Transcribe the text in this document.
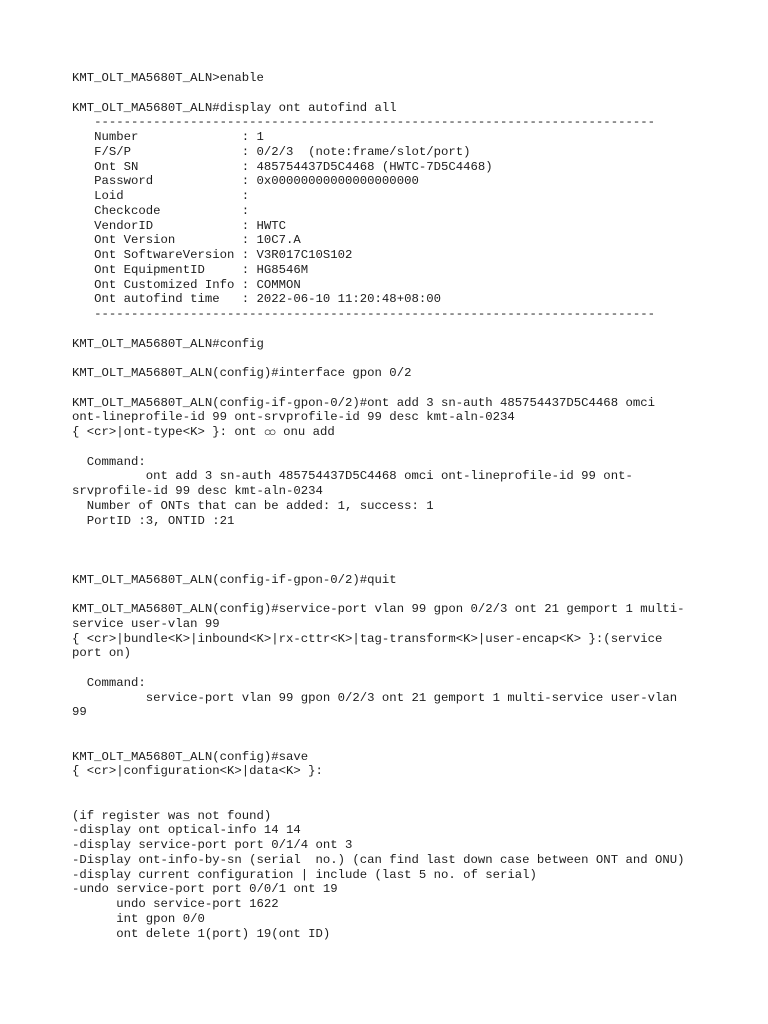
KMT_OLT_MA5680T_ALN>enable

KMT_OLT_MA5680T_ALN#display ont autofind all
----------------------------------------------------------------------------
Number              : 1
F/S/P               : 0/2/3  (note:frame/slot/port)
Ont SN              : 485754437D5C4468 (HWTC-7D5C4468)
Password            : 0x00000000000000000000
Loid                :
Checkcode           :
VendorID            : HWTC
Ont Version         : 10C7.A
Ont SoftwareVersion : V3R017C10S102
Ont EquipmentID     : HG8546M
Ont Customized Info : COMMON
Ont autofind time   : 2022-06-10 11:20:48+08:00
----------------------------------------------------------------------------

KMT_OLT_MA5680T_ALN#config

KMT_OLT_MA5680T_ALN(config)#interface gpon 0/2

KMT_OLT_MA5680T_ALN(config-if-gpon-0/2)#ont add 3 sn-auth 485754437D5C4468 omci
ont-lineprofile-id 99 ont-srvprofile-id 99 desc kmt-aln-0234
{ <cr>|ont-type<K> }: ont ထ onu add

Command:
ont add 3 sn-auth 485754437D5C4468 omci ont-lineprofile-id 99 ont-
srvprofile-id 99 desc kmt-aln-0234
Number of ONTs that can be added: 1, success: 1
PortID :3, ONTID :21

KMT_OLT_MA5680T_ALN(config-if-gpon-0/2)#quit

KMT_OLT_MA5680T_ALN(config)#service-port vlan 99 gpon 0/2/3 ont 21 gemport 1 multi-
service user-vlan 99
{ <cr>|bundle<K>|inbound<K>|rx-cttr<K>|tag-transform<K>|user-encap<K> }:(service
port on)

Command:
service-port vlan 99 gpon 0/2/3 ont 21 gemport 1 multi-service user-vlan
99

KMT_OLT_MA5680T_ALN(config)#save
{ <cr>|configuration<K>|data<K> }:

(if register was not found)
-display ont optical-info 14 14
-display service-port port 0/1/4 ont 3
-Display ont-info-by-sn (serial  no.) (can find last down case between ONT and ONU)
-display current configuration | include (last 5 no. of serial)
-undo service-port port 0/0/1 ont 19
undo service-port 1622
int gpon 0/0
ont delete 1(port) 19(ont ID)
